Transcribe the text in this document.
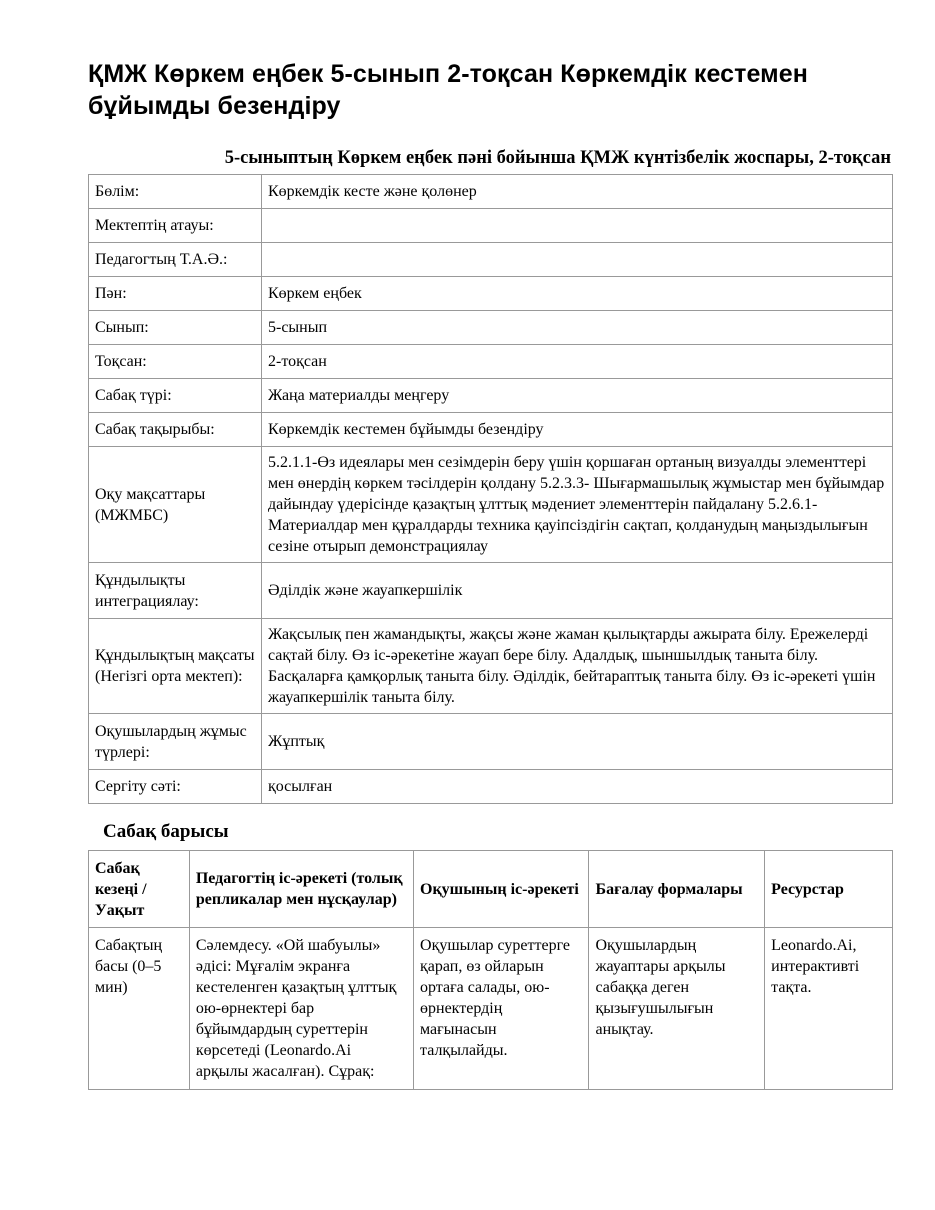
ҚМЖ Көркем еңбек 5-сынып 2-тоқсан Көркемдік кестемен бұйымды безендіру
5-сыныптың Көркем еңбек пәні бойынша ҚМЖ күнтізбелік жоспары, 2-тоқсан
Бөлім:	Көркемдік кесте және қолөнер
Мектептің атауы:	
Педагогтың Т.А.Ә.:	
Пән:	Көркем еңбек
Сынып:	5-сынып
Тоқсан:	2-тоқсан
Сабақ түрі:	Жаңа материалды меңгеру
Сабақ тақырыбы:	Көркемдік кестемен бұйымды безендіру
Оқу мақсаттары (МЖМБС)	5.2.1.1-Өз идеялары мен сезімдерін беру үшін қоршаған ортаның визуалды элементтері мен өнердің көркем тәсілдерін қолдану 5.2.3.3- Шығармашылық жұмыстар мен бұйымдар дайындау үдерісінде қазақтың ұлттық мәдениет элементтерін пайдалану 5.2.6.1-Материалдар мен құралдарды техника қауіпсіздігін сақтап, қолданудың маңыздылығын сезіне отырып демонстрациялау
Құндылықты интеграциялау:	Әділдік және жауапкершілік
Құндылықтың мақсаты (Негізгі орта мектеп):	Жақсылық пен жамандықты, жақсы және жаман қылықтарды ажырата білу. Ережелерді сақтай білу. Өз іс-әрекетіне жауап бере білу. Адалдық, шыншылдық таныта білу. Басқаларға қамқорлық таныта білу. Әділдік, бейтараптық таныта білу. Өз іс-әрекеті үшін жауапкершілік таныта білу.
Оқушылардың жұмыс түрлері:	Жұптық
Сергіту сәті:	қосылған
Сабақ барысы
Сабақ кезеңі / Уақыт	Педагогтің іс-әрекеті (толық репликалар мен нұсқаулар)	Оқушының іс-әрекеті	Бағалау формалары	Ресурстар
Сабақтың басы (0–5 мин)	Сәлемдесу. «Ой шабуылы» әдісі: Мұғалім экранға кестеленген қазақтың ұлттық ою-өрнектері бар бұйымдардың суреттерін көрсетеді (Leonardo.Ai арқылы жасалған). Сұрақ:	Оқушылар суреттерге қарап, өз ойларын ортаға салады, ою-өрнектердің мағынасын талқылайды.	Оқушылардың жауаптары арқылы сабаққа деген қызығушылығын анықтау.	Leonardo.Ai, интерактивті тақта.
